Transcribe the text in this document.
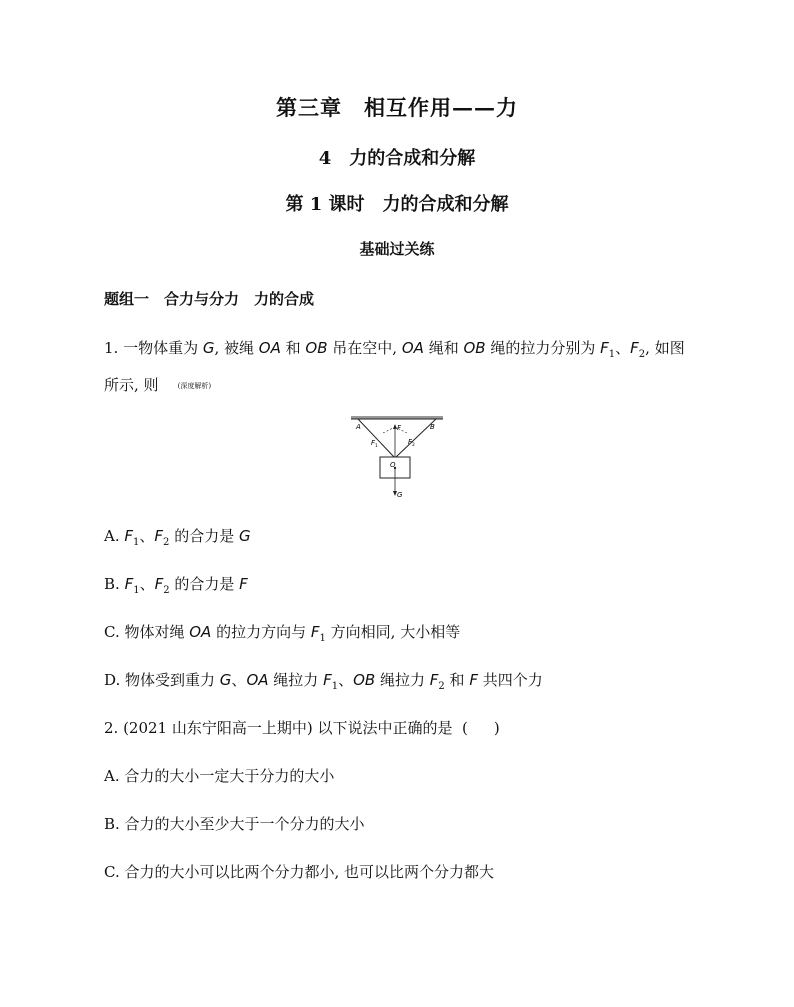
第三章　相互作用——力
4　力的合成和分解
第 1 课时　力的合成和分解
基础过关练
题组一　合力与分力　力的合成
1. 一物体重为 G, 被绳 OA 和 OB 吊在空中, OA 绳和 OB 绳的拉力分别为 $F_1$、$F_2$, 如图
所示, 则	(深度解析)
A	B
F
F 1
F 2
O
G
A. $F_1$、$F_2$ 的合力是 G
B. $F_1$、$F_2$ 的合力是 F
C. 物体对绳 OA 的拉力方向与 $F_1$ 方向相同, 大小相等
D. 物体受到重力 G、OA 绳拉力 $F_1$、OB 绳拉力 $F_2$ 和 F 共四个力
2. (2021 山东宁阳高一上期中) 以下说法中正确的是 ( )
A. 合力的大小一定大于分力的大小
B. 合力的大小至少大于一个分力的大小
C. 合力的大小可以比两个分力都小, 也可以比两个分力都大
